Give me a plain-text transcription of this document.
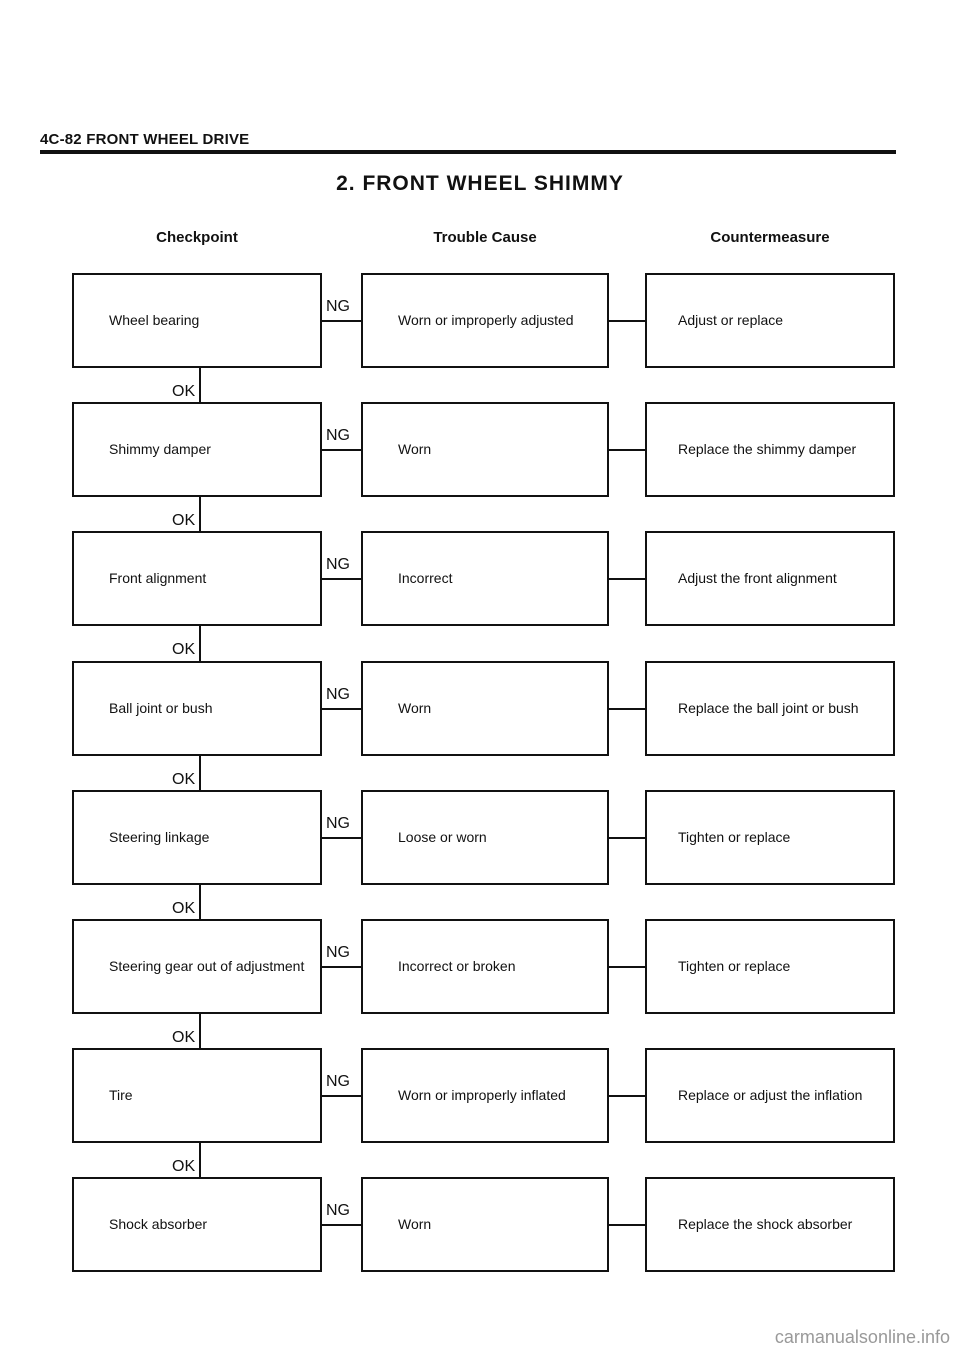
4C-82 FRONT WHEEL DRIVE
2. FRONT WHEEL SHIMMY
Checkpoint	Trouble Cause	Countermeasure
Wheel bearing	Worn or improperly adjusted	Adjust or replace
NG
OK
Shimmy damper	Worn	Replace the shimmy damper
NG
OK
Front alignment	Incorrect	Adjust the front alignment
NG
OK
Ball joint or bush	Worn	Replace the ball joint or bush
NG
OK
Steering linkage	Loose or worn	Tighten or replace
NG
OK
Steering gear out of adjustment	Incorrect or broken	Tighten or replace
NG
OK
Tire	Worn or improperly inflated	Replace or adjust the inflation
NG
OK
Shock absorber	Worn	Replace the shock absorber
NG
carmanualsonline.info
